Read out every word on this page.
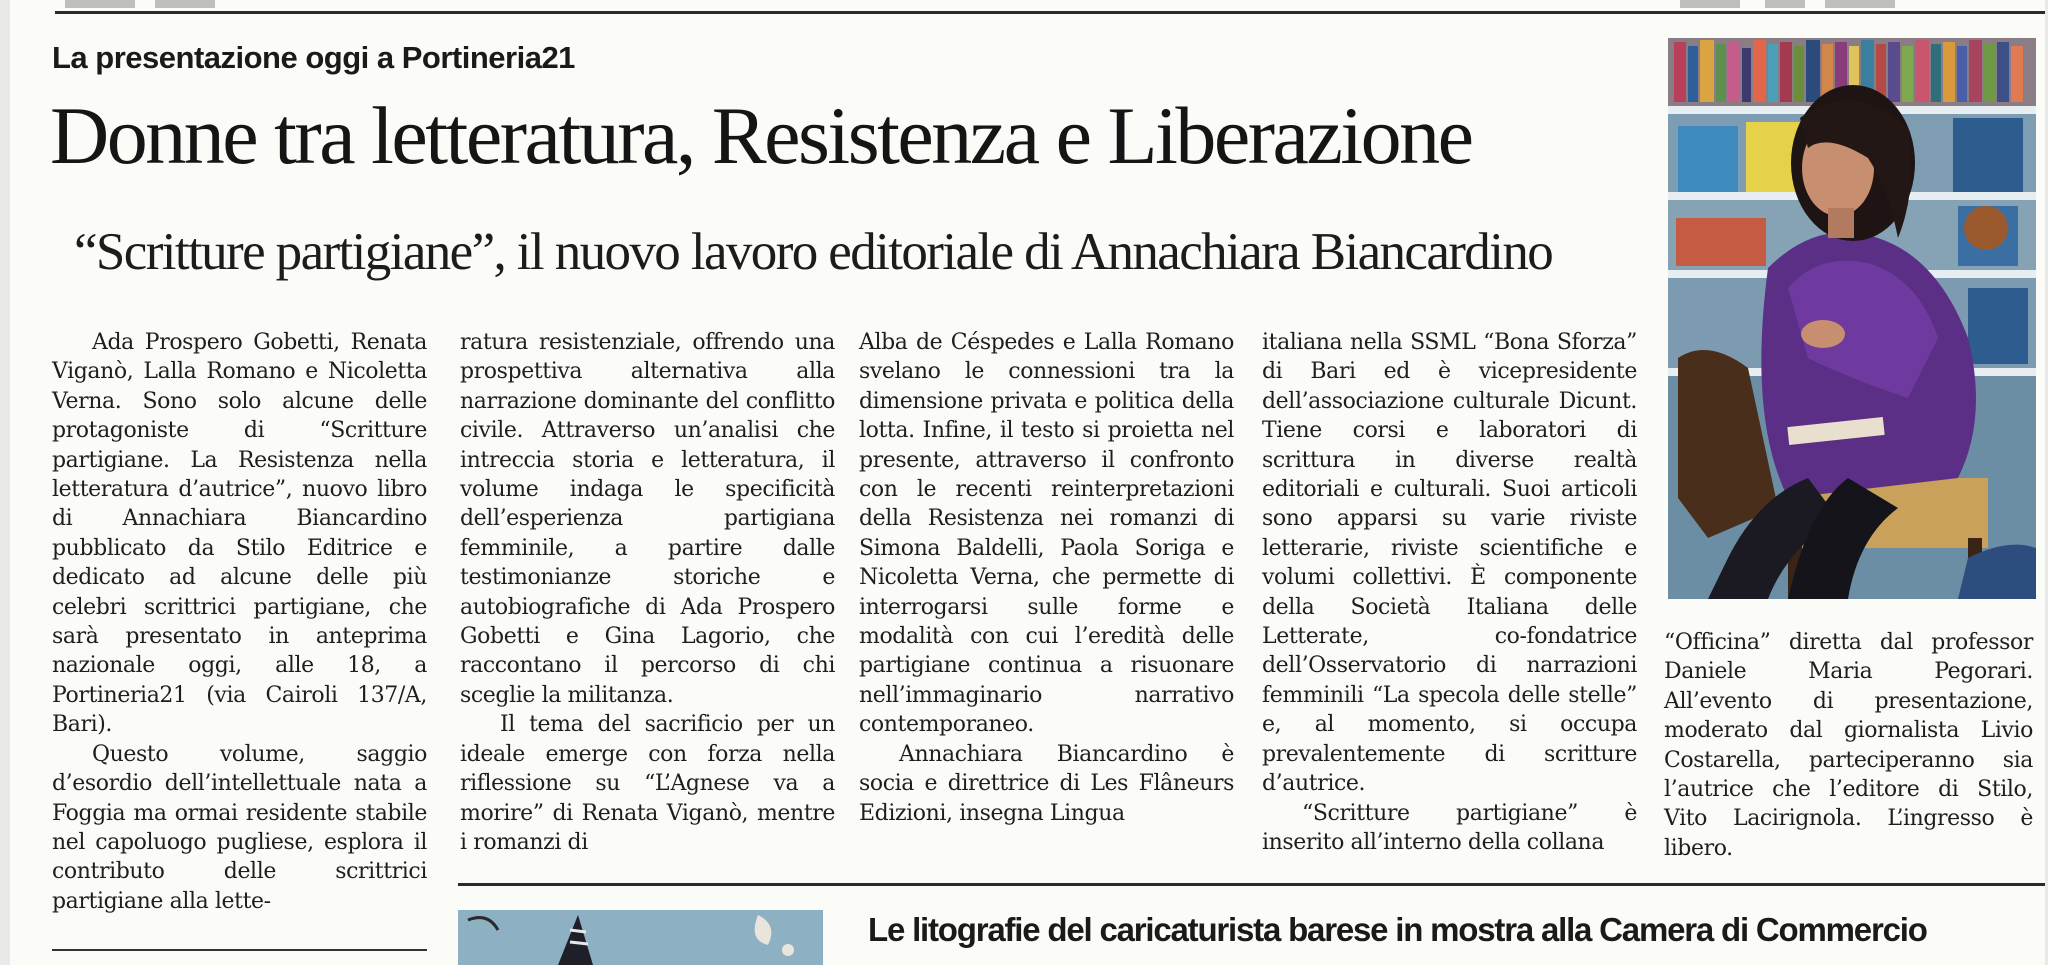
La presentazione oggi a Portineria21
Donne tra letteratura, Resistenza e Liberazione
“Scritture partigiane”, il nuovo lavoro editoriale di Annachiara Biancardino

Ada Prospero Gobetti, Renata Viganò, Lalla Romano e Nicoletta Verna. Sono solo alcune delle protagoniste di “Scritture partigiane. La Resistenza nella letteratura d’autrice”, nuovo libro di Annachiara Biancardino pubblicato da Stilo Editrice e dedicato ad alcune delle più celebri scrittrici partigiane, che sarà presentato in anteprima nazionale oggi, alle 18, a Portineria21 (via Cairoli 137/A, Bari).

Questo volume, saggio d’esordio dell’intellettuale nata a Foggia ma ormai residente stabile nel capoluogo pugliese, esplora il contributo delle scrittrici partigiane alla lette-

ratura resistenziale, offrendo una prospettiva alternativa alla narrazione dominante del conflitto civile. Attraverso un’analisi che intreccia storia e letteratura, il volume indaga le specificità dell’esperienza partigiana femminile, a partire dalle testimonianze storiche e autobiografiche di Ada Prospero Gobetti e Gina Lagorio, che raccontano il percorso di chi sceglie la militanza.

Il tema del sacrificio per un ideale emerge con forza nella riflessione su “L’Agnese va a morire” di Renata Viganò, mentre i romanzi di

Alba de Céspedes e Lalla Romano svelano le connessioni tra la dimensione privata e politica della lotta. Infine, il testo si proietta nel presente, attraverso il confronto con le recenti reinterpretazioni della Resistenza nei romanzi di Simona Baldelli, Paola Soriga e Nicoletta Verna, che permette di interrogarsi sulle forme e modalità con cui l’eredità delle partigiane continua a risuonare nell’immaginario narrativo contemporaneo.

Annachiara Biancardino è socia e direttrice di Les Flâneurs Edizioni, insegna Lingua

italiana nella SSML “Bona Sforza” di Bari ed è vicepresidente dell’associazione culturale Dicunt. Tiene corsi e laboratori di scrittura in diverse realtà editoriali e culturali. Suoi articoli sono apparsi su varie riviste letterarie, riviste scientifiche e volumi collettivi. È componente della Società Italiana delle Letterate, co-fondatrice dell’Osservatorio di narrazioni femminili “La specola delle stelle” e, al momento, si occupa prevalentemente di scritture d’autrice.

“Scritture partigiane” è inserito all’interno della collana

“Officina” diretta dal professor Daniele Maria Pegorari. All’evento di presentazione, moderato dal giornalista Livio Costarella, parteciperanno sia l’autrice che l’editore di Stilo, Vito Lacirignola. L’ingresso è libero.

Le litografie del caricaturista barese in mostra alla Camera di Commercio
